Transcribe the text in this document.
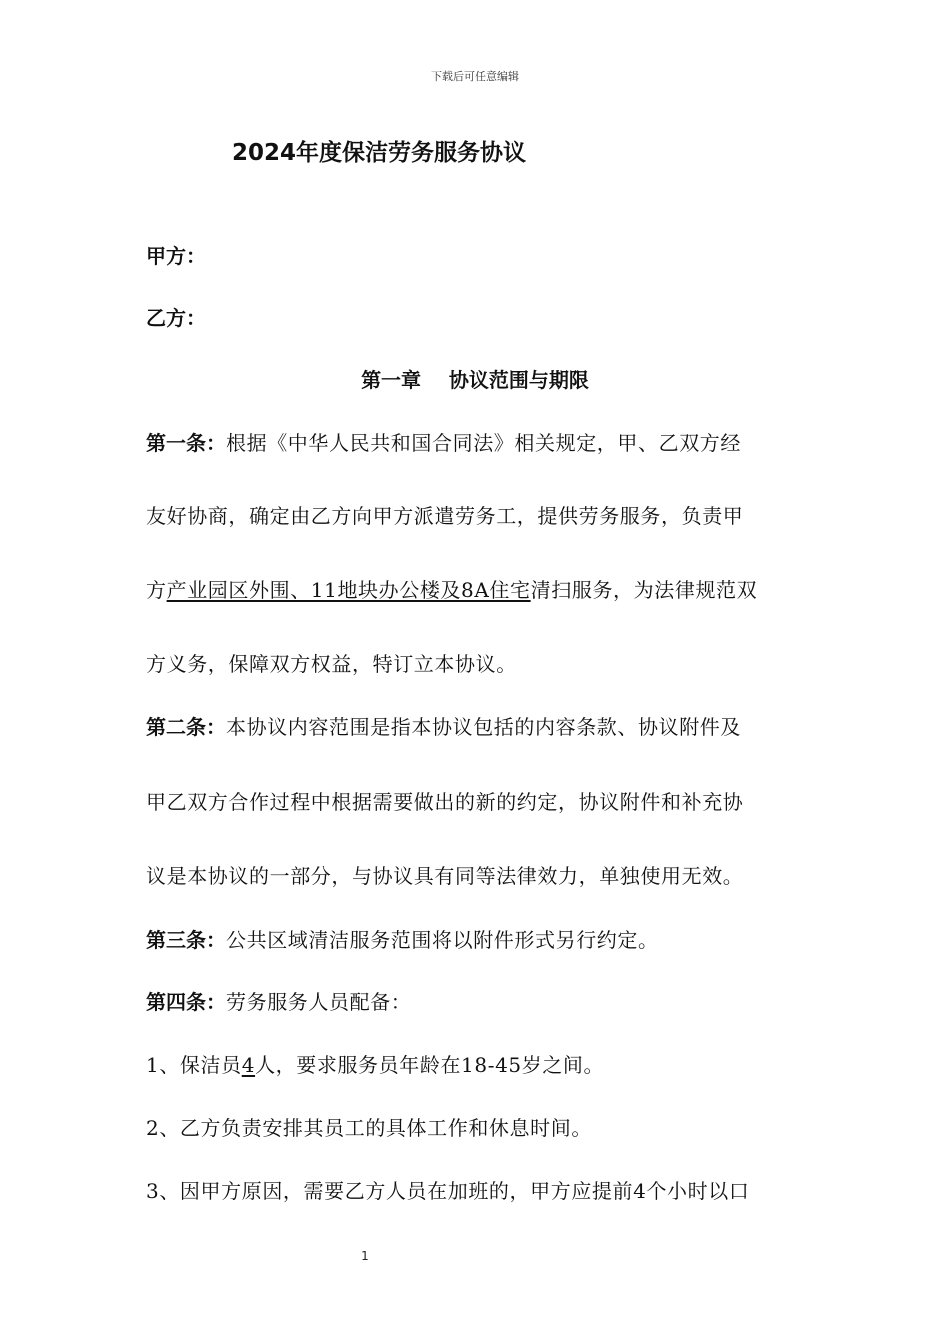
下载后可任意编辑
2024年度保洁劳务服务协议
甲方：
乙方：
第一章    协议范围与期限
第一条：根据《中华人民共和国合同法》相关规定，甲、乙双方经
友好协商，确定由乙方向甲方派遣劳务工，提供劳务服务，负责甲
方产业园区外围、11地块办公楼及8A住宅清扫服务，为法律规范双
方义务，保障双方权益，特订立本协议。
第二条：本协议内容范围是指本协议包括的内容条款、协议附件及
甲乙双方合作过程中根据需要做出的新的约定，协议附件和补充协
议是本协议的一部分，与协议具有同等法律效力，单独使用无效。
第三条：公共区域清洁服务范围将以附件形式另行约定。
第四条：劳务服务人员配备：
1、保洁员4人，要求服务员年龄在18-45岁之间。
2、乙方负责安排其员工的具体工作和休息时间。
3、因甲方原因，需要乙方人员在加班的，甲方应提前4个小时以口
1
